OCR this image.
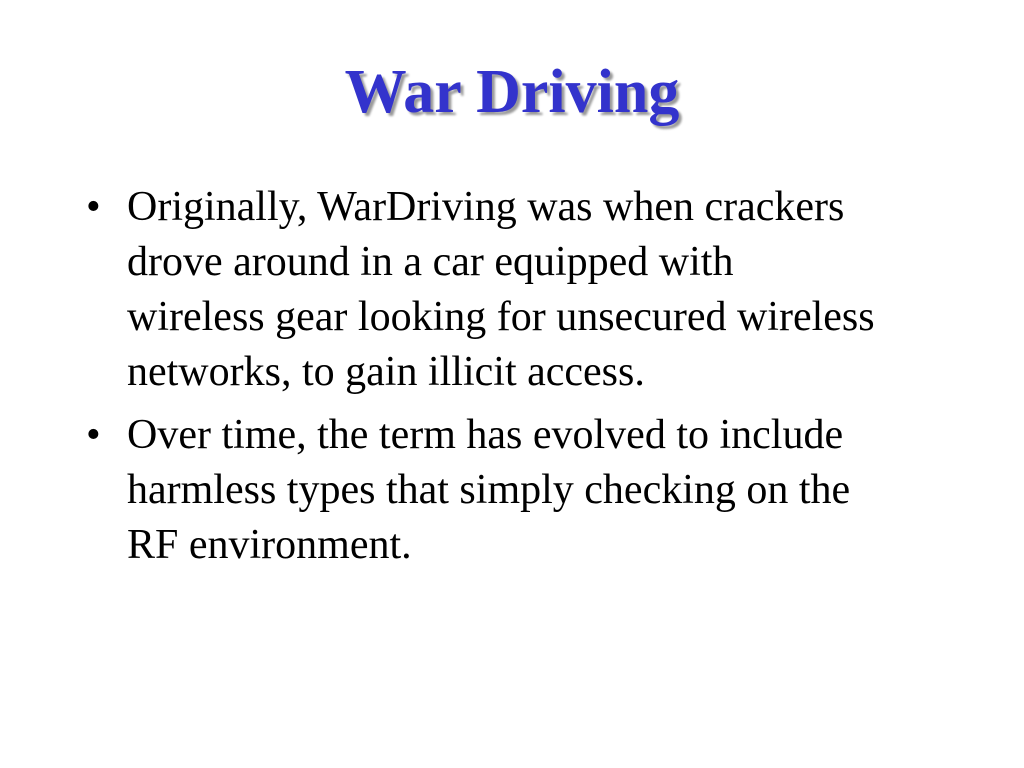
War Driving
• Originally, WarDriving was when crackers
drove around in a car equipped with
wireless gear looking for unsecured wireless
networks, to gain illicit access.
• Over time, the term has evolved to include
harmless types that simply checking on the
RF environment.
